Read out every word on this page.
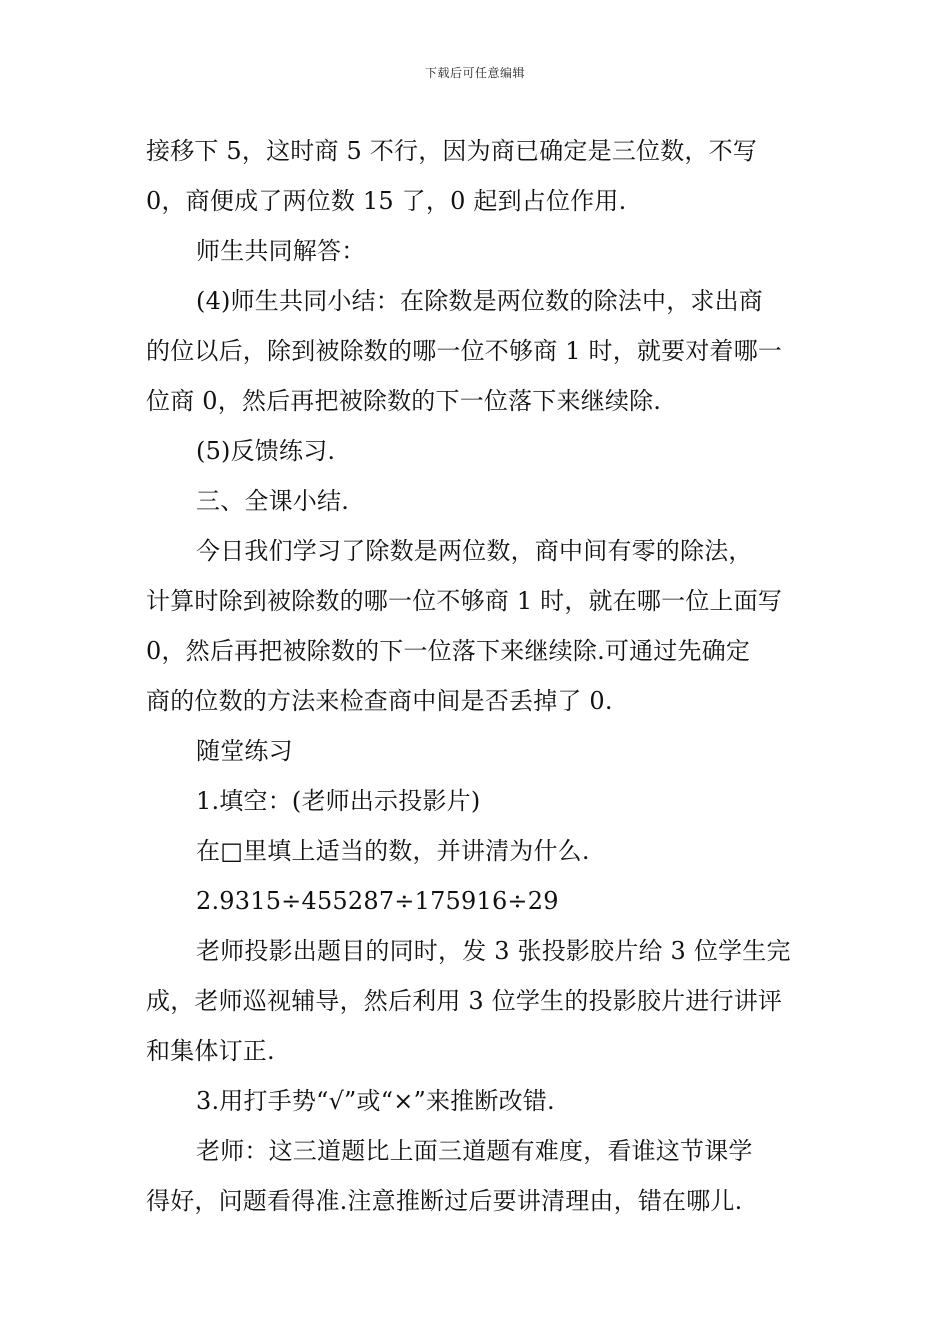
下载后可任意编辑
接移下 5，这时商 5 不行，因为商已确定是三位数，不写
0，商便成了两位数 15 了，0 起到占位作用.
师生共同解答：
(4)师生共同小结：在除数是两位数的除法中，求出商
的位以后，除到被除数的哪一位不够商 1 时，就要对着哪一
位商 0，然后再把被除数的下一位落下来继续除.
(5)反馈练习.
三、全课小结.
今日我们学习了除数是两位数，商中间有零的除法，
计算时除到被除数的哪一位不够商 1 时，就在哪一位上面写
0，然后再把被除数的下一位落下来继续除.可通过先确定
商的位数的方法来检查商中间是否丢掉了 0.
随堂练习
1.填空：(老师出示投影片)
在□里填上适当的数，并讲清为什么.
2.9315÷455287÷175916÷29
老师投影出题目的同时，发 3 张投影胶片给 3 位学生完
成，老师巡视辅导，然后利用 3 位学生的投影胶片进行讲评
和集体订正.
3.用打手势“√”或“×”来推断改错.
老师：这三道题比上面三道题有难度，看谁这节课学
得好，问题看得准.注意推断过后要讲清理由，错在哪儿.
